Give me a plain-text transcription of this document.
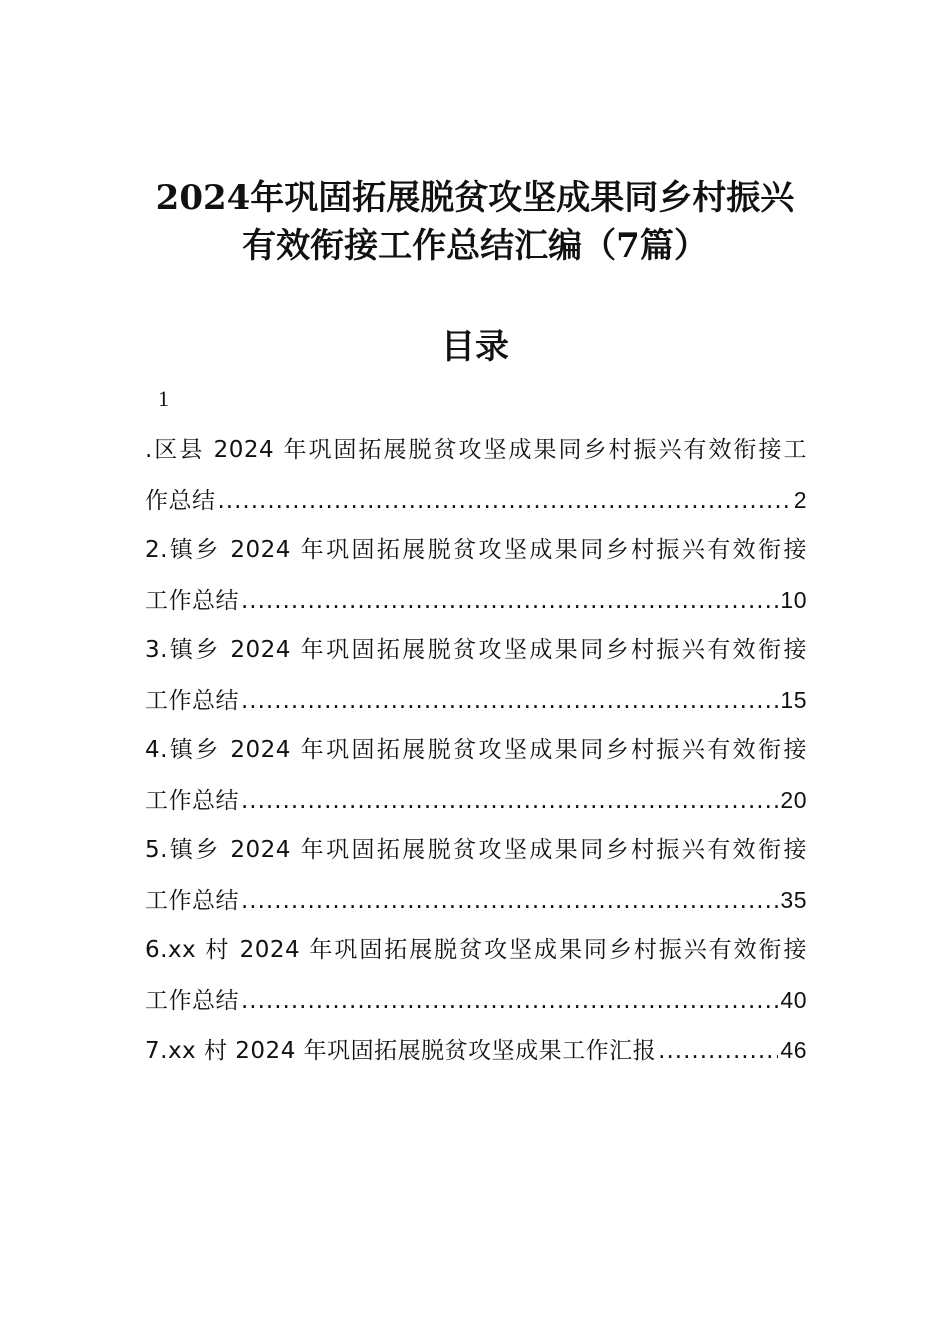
2024年巩固拓展脱贫攻坚成果同乡村振兴
有效衔接工作总结汇编（7篇）
目录
1
.区县 2024 年巩固拓展脱贫攻坚成果同乡村振兴有效衔接工
作总结 .....	2
2.镇乡 2024 年巩固拓展脱贫攻坚成果同乡村振兴有效衔接
工作总结 .....	10
3.镇乡 2024 年巩固拓展脱贫攻坚成果同乡村振兴有效衔接
工作总结 .....	15
4.镇乡 2024 年巩固拓展脱贫攻坚成果同乡村振兴有效衔接
工作总结 .....	20
5.镇乡 2024 年巩固拓展脱贫攻坚成果同乡村振兴有效衔接
工作总结 .....	35
6.xx 村 2024 年巩固拓展脱贫攻坚成果同乡村振兴有效衔接
工作总结 .....	40
7.xx 村 2024 年巩固拓展脱贫攻坚成果工作汇报 .....	46
